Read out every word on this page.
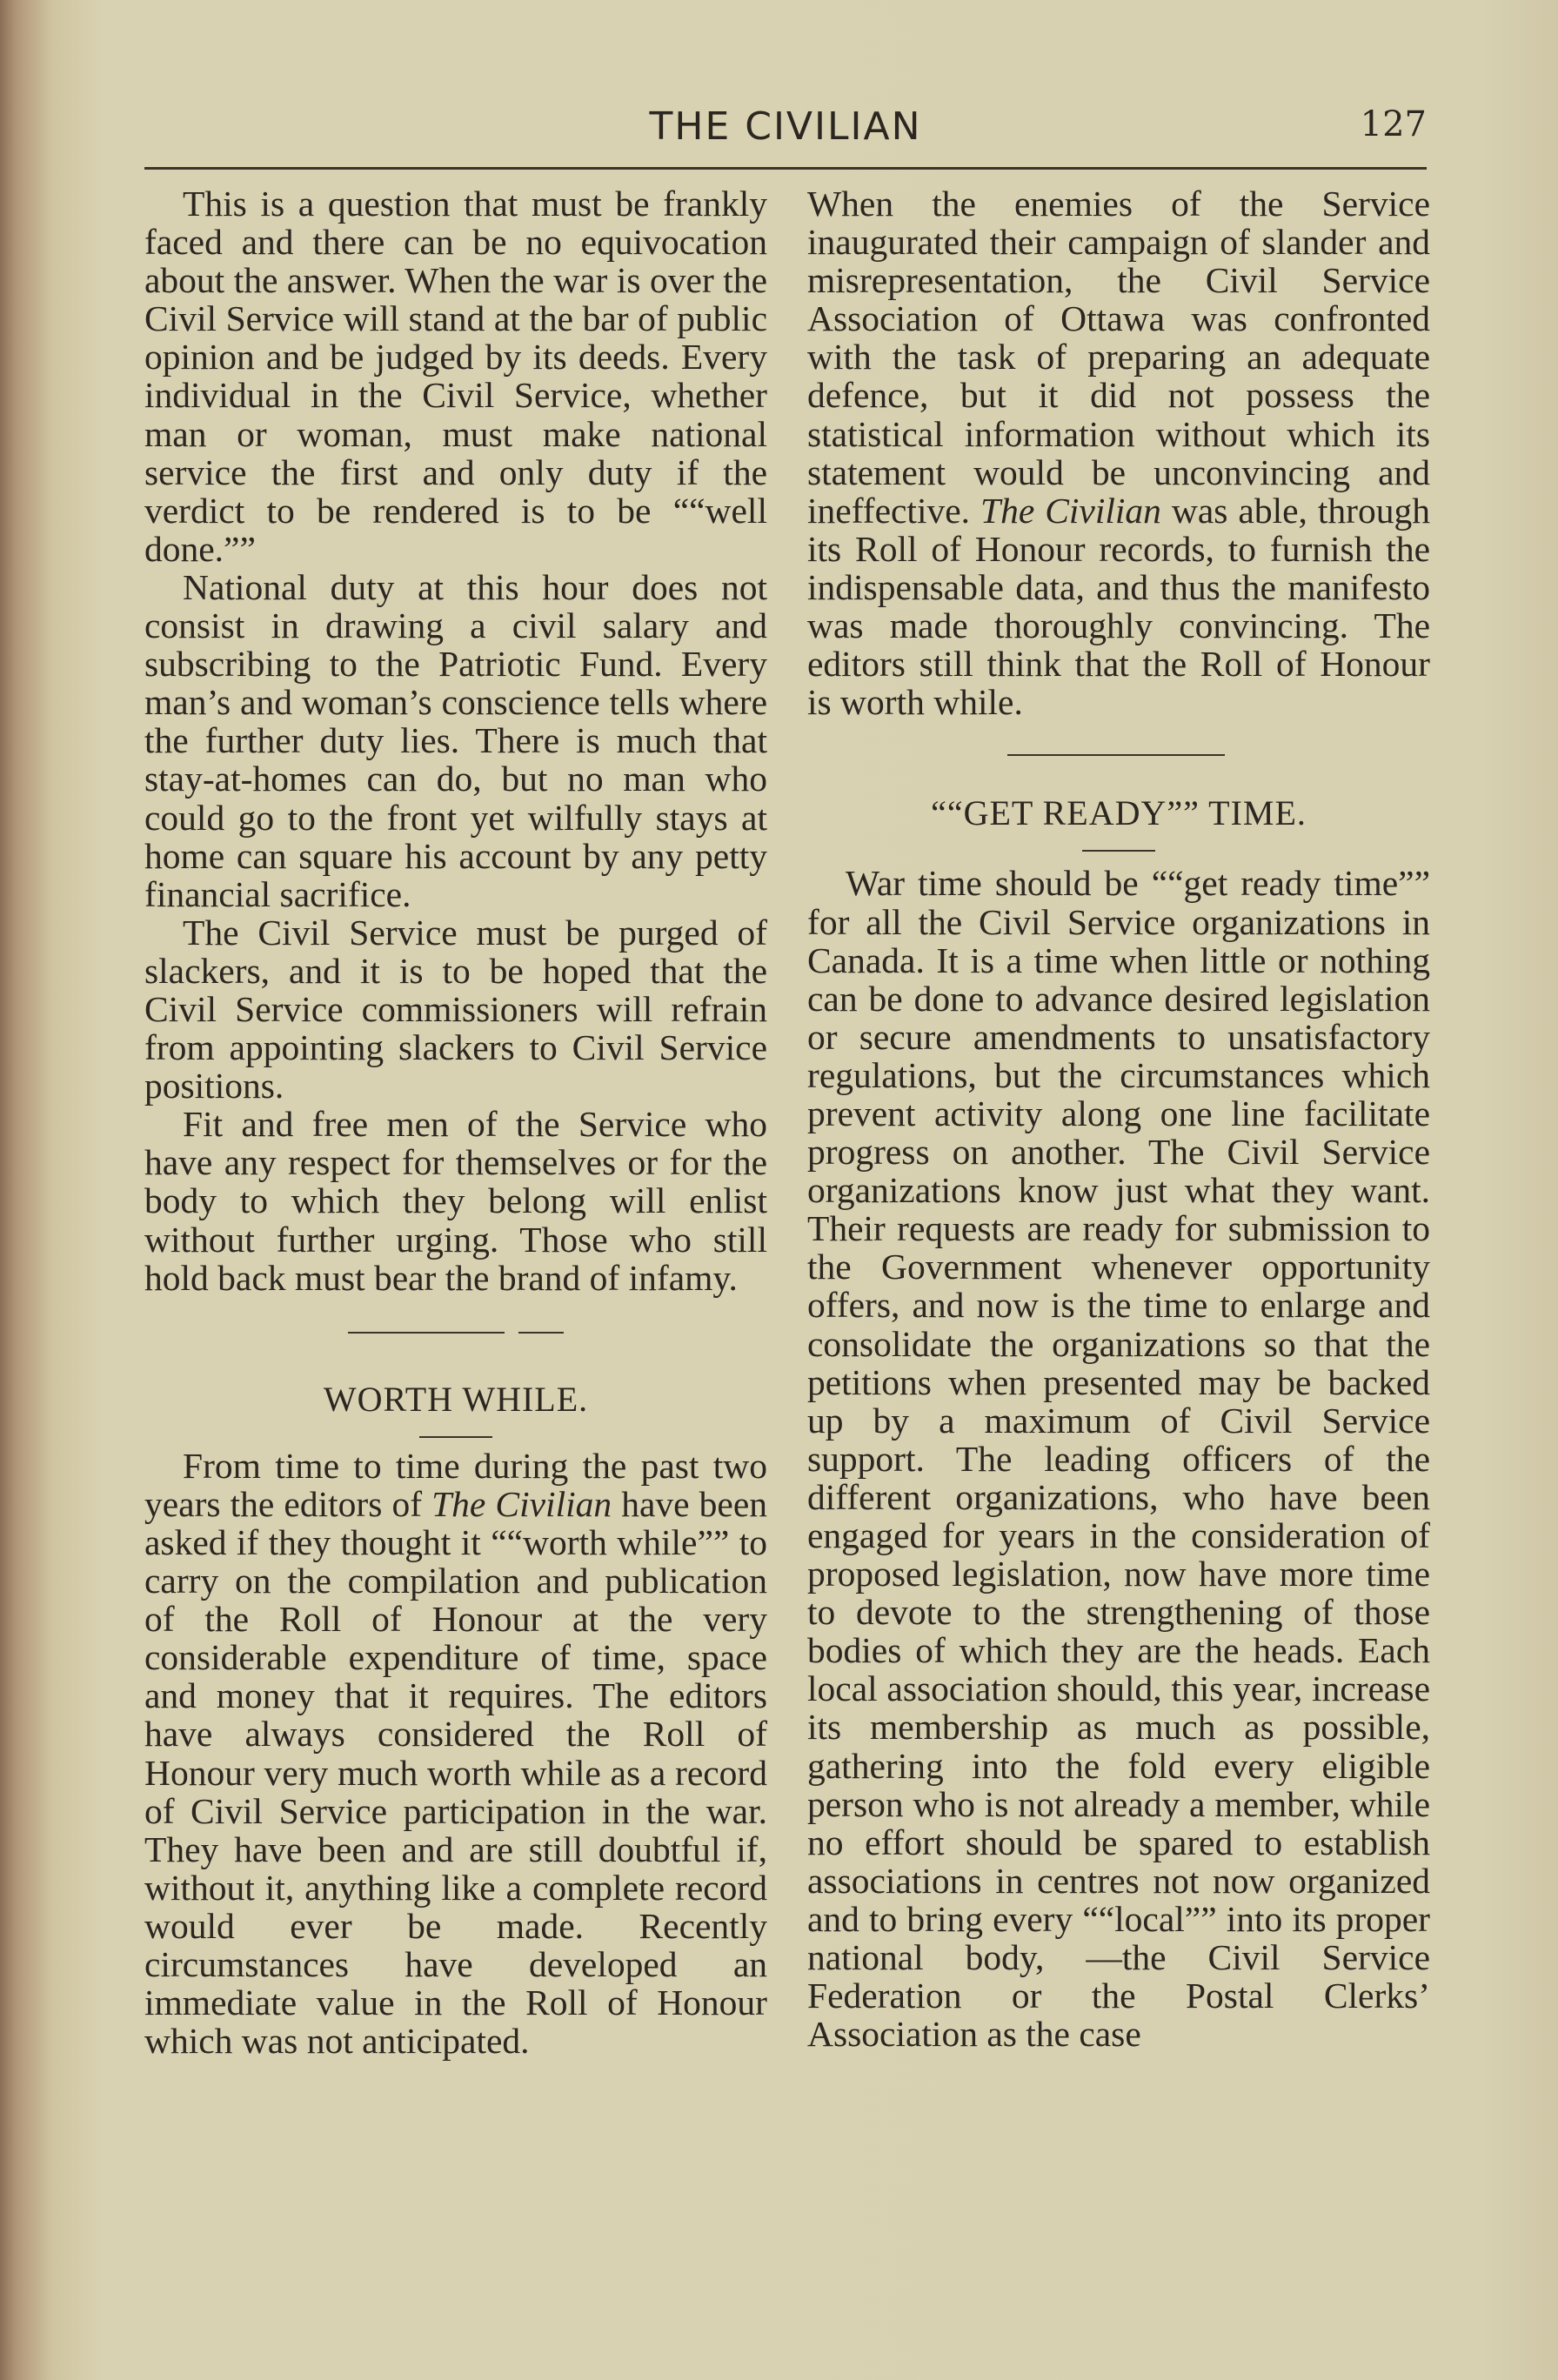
THE CIVILIAN	127

This is a question that must be frankly faced and there can be no equivocation about the answer. When the war is over the Civil Service will stand at the bar of public opinion and be judged by its deeds. Every individual in the Civil Service, whether man or woman, must make national service the first and only duty if the verdict to be rendered is to be ““well done.””

National duty at this hour does not consist in drawing a civil salary and subscribing to the Patriotic Fund. Every man’s and woman’s conscience tells where the further duty lies. There is much that stay-at-homes can do, but no man who could go to the front yet wilfully stays at home can square his account by any petty financial sacrifice.

The Civil Service must be purged of slackers, and it is to be hoped that the Civil Service commissioners will refrain from appointing slackers to Civil Service positions.

Fit and free men of the Service who have any respect for themselves or for the body to which they belong will enlist without further urging. Those who still hold back must bear the brand of infamy.

WORTH WHILE.

From time to time during the past two years the editors of The Civilian have been asked if they thought it ““worth while”” to carry on the compilation and publication of the Roll of Honour at the very considerable expenditure of time, space and money that it requires. The editors have always considered the Roll of Honour very much worth while as a record of Civil Service participation in the war. They have been and are still doubtful if, without it, anything like a complete record would ever be made. Recently circumstances have developed an immediate value in the Roll of Honour which was not anticipated.

When the enemies of the Service inaugurated their campaign of slander and misrepresentation, the Civil Service Association of Ottawa was confronted with the task of preparing an adequate defence, but it did not possess the statistical information without which its statement would be unconvincing and ineffective. The Civilian was able, through its Roll of Honour records, to furnish the indispensable data, and thus the manifesto was made thoroughly convincing. The editors still think that the Roll of Honour is worth while.

““GET READY”” TIME.

War time should be ““get ready time”” for all the Civil Service organizations in Canada. It is a time when little or nothing can be done to advance desired legislation or secure amendments to unsatisfactory regulations, but the circumstances which prevent activity along one line facilitate progress on another. The Civil Service organizations know just what they want. Their requests are ready for submission to the Government whenever opportunity offers, and now is the time to enlarge and consolidate the organizations so that the petitions when presented may be backed up by a maximum of Civil Service support. The leading officers of the different organizations, who have been engaged for years in the consideration of proposed legislation, now have more time to devote to the strengthening of those bodies of which they are the heads. Each local association should, this year, increase its membership as much as possible, gathering into the fold every eligible person who is not already a member, while no effort should be spared to establish associations in centres not now organized and to bring every ““local”” into its proper national body, —the Civil Service Federation or the Postal Clerks’ Association as the case
